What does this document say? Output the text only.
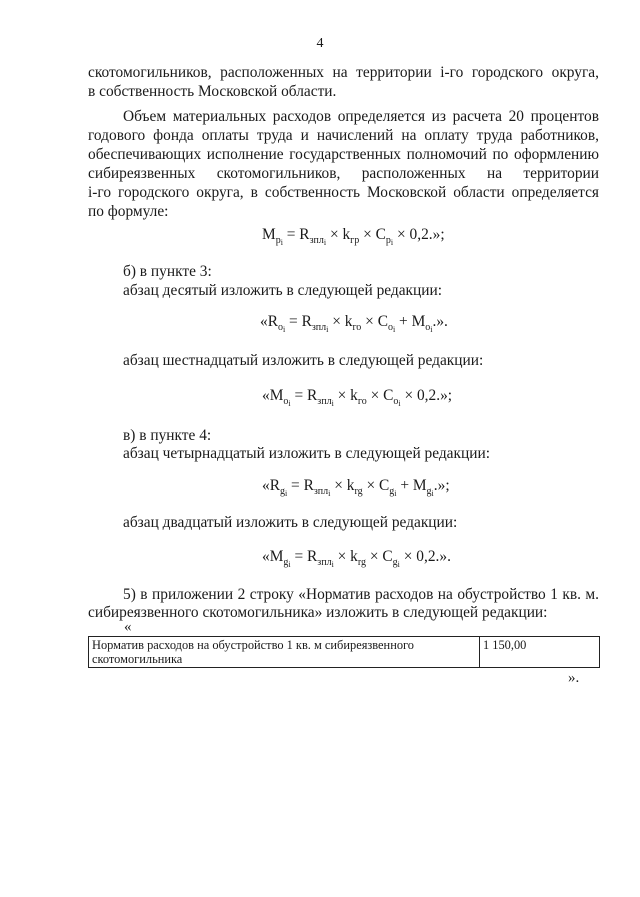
4
скотомогильников, расположенных на территории i-го городского округа,
в собственность Московской области.
Объем материальных расходов определяется из расчета 20 процентов
годового фонда оплаты труда и начислений на оплату труда работников,
обеспечивающих исполнение государственных полномочий по оформлению
сибиреязвенных скотомогильников, расположенных на территории
i-го городского округа, в собственность Московской области определяется
по формуле:
$M_{p_i} = R_{зпл_i} \times k_{гр} \times C_{p_i} \times 0,2$.»;
б) в пункте 3:
абзац десятый изложить в следующей редакции:
«$R_{o_i} = R_{зпл_i} \times k_{го} \times C_{o_i} + M_{o_i}$.».
абзац шестнадцатый изложить в следующей редакции:
«$M_{o_i} = R_{зпл_i} \times k_{го} \times C_{o_i} \times 0,2$.»;
в) в пункте 4:
абзац четырнадцатый изложить в следующей редакции:
«$R_{g_i} = R_{зпл_i} \times k_{rg} \times C_{g_i} + M_{g_i}$.»;
абзац двадцатый изложить в следующей редакции:
«$M_{g_i} = R_{зпл_i} \times k_{rg} \times C_{g_i} \times 0,2$.».
5) в приложении 2 строку «Норматив расходов на обустройство 1 кв. м.
сибиреязвенного скотомогильника» изложить в следующей редакции:
«
Норматив расходов на обустройство 1 кв. м сибиреязвенного скотомогильника	1 150,00
».
